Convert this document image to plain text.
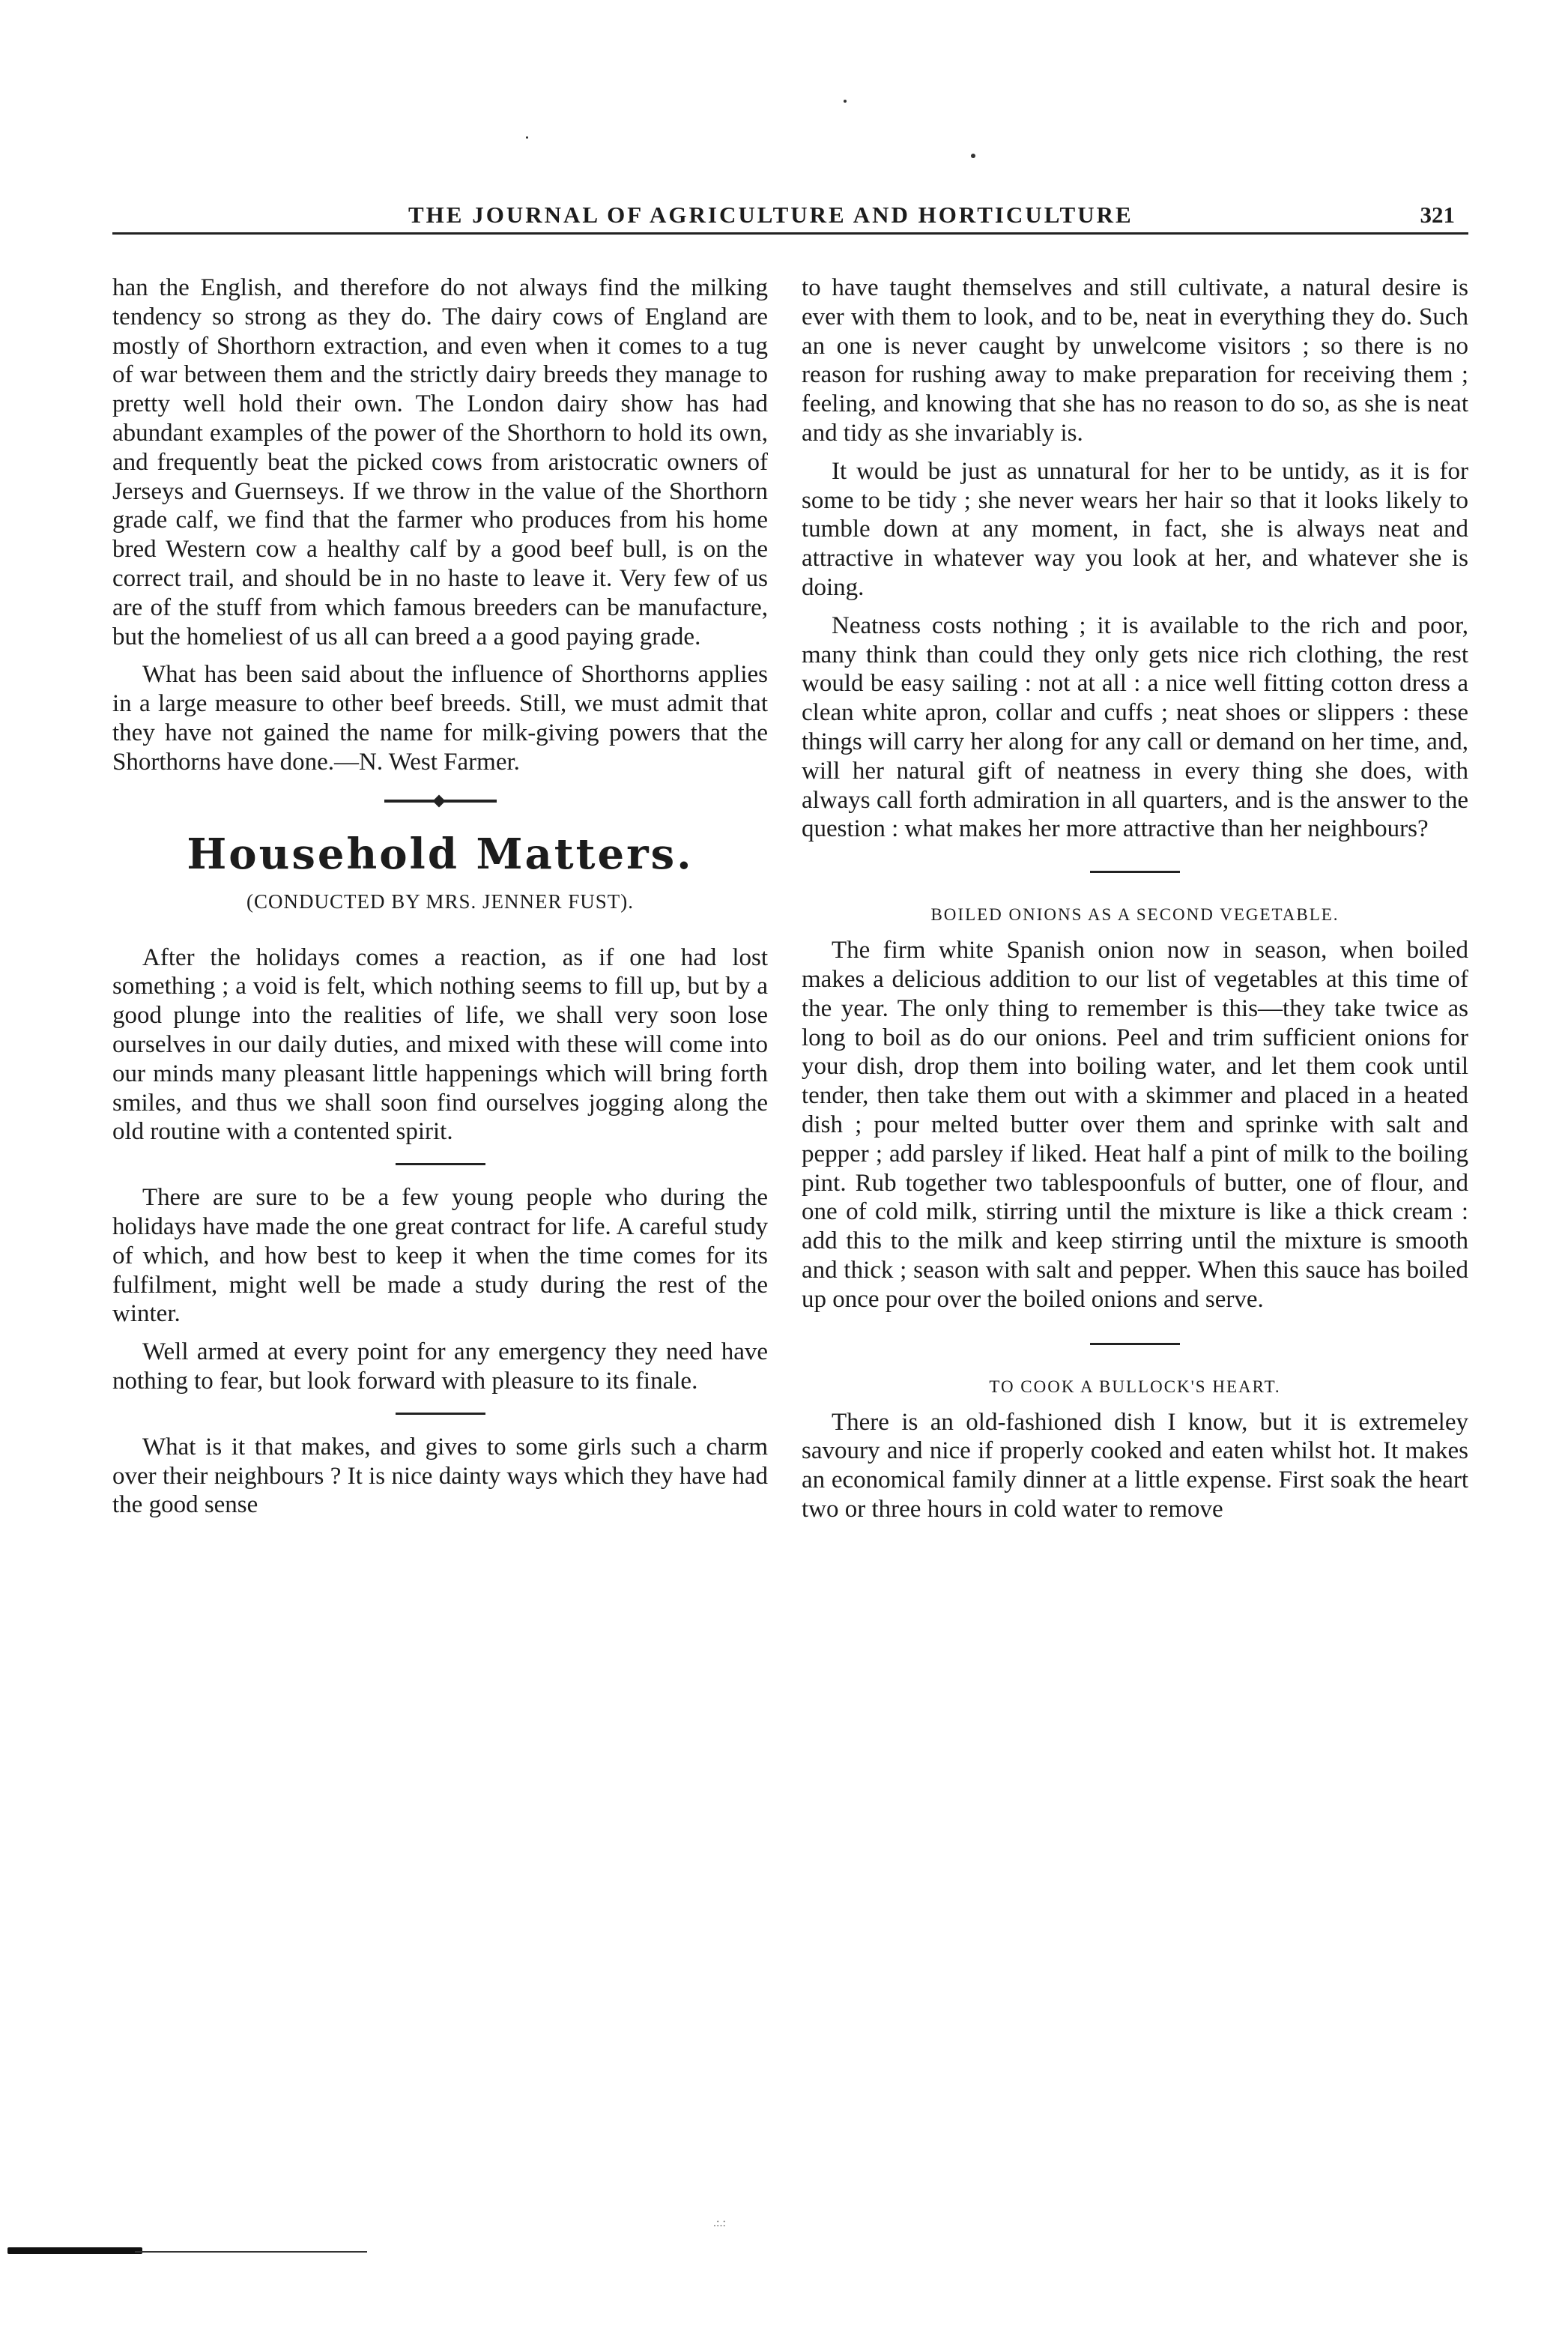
THE JOURNAL OF AGRICULTURE AND HORTICULTURE	321

han the English, and therefore do not always find the milking tendency so strong as they do. The dairy cows of England are mostly of Shorthorn extraction, and even when it comes to a tug of war between them and the strictly dairy breeds they manage to pretty well hold their own. The London dairy show has had abundant examples of the power of the Shorthorn to hold its own, and frequently beat the picked cows from aristocratic owners of Jerseys and Guernseys. If we throw in the value of the Shorthorn grade calf, we find that the farmer who produces from his home bred Western cow a healthy calf by a good beef bull, is on the correct trail, and should be in no haste to leave it. Very few of us are of the stuff from which famous breeders can be manufacture, but the homeliest of us all can breed a a good paying grade.

What has been said about the influence of Shorthorns applies in a large measure to other beef breeds. Still, we must admit that they have not gained the name for milk-giving powers that the Shorthorns have done.—N. West Farmer.

Household Matters.
(CONDUCTED BY MRS. JENNER FUST).

After the holidays comes a reaction, as if one had lost something ; a void is felt, which nothing seems to fill up, but by a good plunge into the realities of life, we shall very soon lose ourselves in our daily duties, and mixed with these will come into our minds many pleasant little happenings which will bring forth smiles, and thus we shall soon find ourselves jogging along the old routine with a contented spirit.

There are sure to be a few young people who during the holidays have made the one great contract for life. A careful study of which, and how best to keep it when the time comes for its fulfilment, might well be made a study during the rest of the winter.

Well armed at every point for any emergency they need have nothing to fear, but look forward with pleasure to its finale.

What is it that makes, and gives to some girls such a charm over their neighbours ? It is nice dainty ways which they have had the good sense

to have taught themselves and still cultivate, a natural desire is ever with them to look, and to be, neat in everything they do. Such an one is never caught by unwelcome visitors ; so there is no reason for rushing away to make preparation for receiving them ; feeling, and knowing that she has no reason to do so, as she is neat and tidy as she invariably is.

It would be just as unnatural for her to be untidy, as it is for some to be tidy ; she never wears her hair so that it looks likely to tumble down at any moment, in fact, she is always neat and attractive in whatever way you look at her, and whatever she is doing.

Neatness costs nothing ; it is available to the rich and poor, many think than could they only gets nice rich clothing, the rest would be easy sailing : not at all : a nice well fitting cotton dress a clean white apron, collar and cuffs ; neat shoes or slippers : these things will carry her along for any call or demand on her time, and, will her natural gift of neatness in every thing she does, with always call forth admiration in all quarters, and is the answer to the question : what makes her more attractive than her neighbours?

BOILED ONIONS AS A SECOND VEGETABLE.

The firm white Spanish onion now in season, when boiled makes a delicious addition to our list of vegetables at this time of the year. The only thing to remember is this—they take twice as long to boil as do our onions. Peel and trim sufficient onions for your dish, drop them into boiling water, and let them cook until tender, then take them out with a skimmer and placed in a heated dish ; pour melted butter over them and sprinke with salt and pepper ; add parsley if liked. Heat half a pint of milk to the boiling pint. Rub together two tablespoonfuls of butter, one of flour, and one of cold milk, stirring until the mixture is like a thick cream : add this to the milk and keep stirring until the mixture is smooth and thick ; season with salt and pepper. When this sauce has boiled up once pour over the boiled onions and serve.

TO COOK A BULLOCK'S HEART.

There is an old-fashioned dish I know, but it is extremeley savoury and nice if properly cooked and eaten whilst hot. It makes an economical family dinner at a little expense. First soak the heart two or three hours in cold water to remove

.:.:
